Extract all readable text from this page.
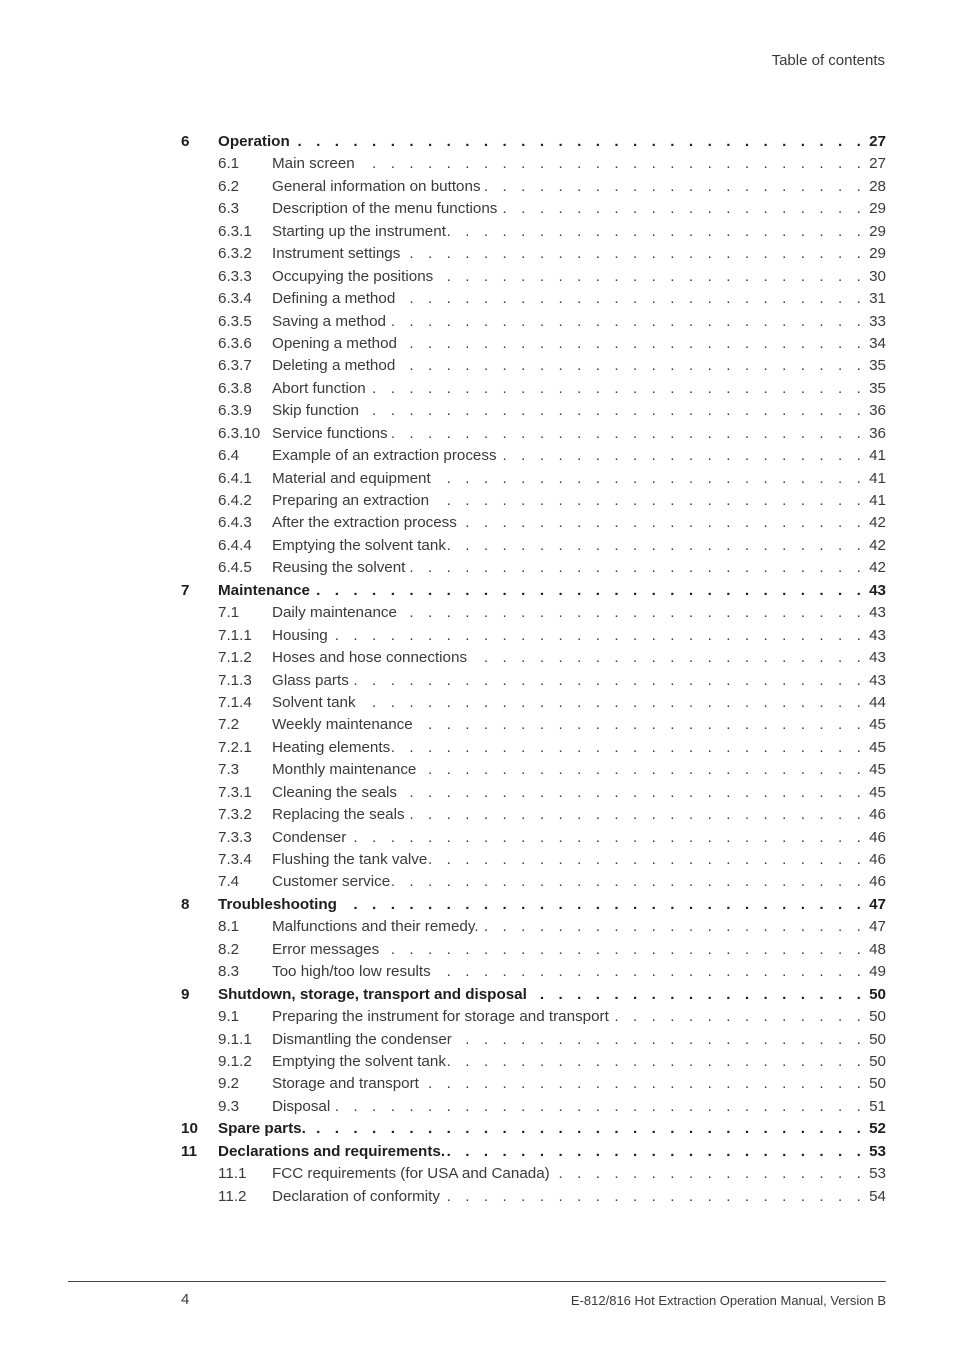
Table of contents
6 Operation . . .	27
6.1 Main screen . . .	27
6.2 General information on buttons . . .	28
6.3 Description of the menu functions . . .	29
6.3.1 Starting up the instrument . . .	29
6.3.2 Instrument settings . . .	29
6.3.3 Occupying the positions . . .	30
6.3.4 Defining a method . . .	31
6.3.5 Saving a method . . .	33
6.3.6 Opening a method . . .	34
6.3.7 Deleting a method . . .	35
6.3.8 Abort function . . .	35
6.3.9 Skip function . . .	36
6.3.10 Service functions . . .	36
6.4 Example of an extraction process . . .	41
6.4.1 Material and equipment . . .	41
6.4.2 Preparing an extraction . . .	41
6.4.3 After the extraction process . . .	42
6.4.4 Emptying the solvent tank . . .	42
6.4.5 Reusing the solvent . . .	42
7 Maintenance . . .	43
7.1 Daily maintenance . . .	43
7.1.1 Housing . . .	43
7.1.2 Hoses and hose connections . . .	43
7.1.3 Glass parts . . .	43
7.1.4 Solvent tank . . .	44
7.2 Weekly maintenance . . .	45
7.2.1 Heating elements . . .	45
7.3 Monthly maintenance . . .	45
7.3.1 Cleaning the seals . . .	45
7.3.2 Replacing the seals . . .	46
7.3.3 Condenser . . .	46
7.3.4 Flushing the tank valve . . .	46
7.4 Customer service . . .	46
8 Troubleshooting . . .	47
8.1 Malfunctions and their remedy. . . .	47
8.2 Error messages . . .	48
8.3 Too high/too low results . . .	49
9 Shutdown, storage, transport and disposal . . .	50
9.1 Preparing the instrument for storage and transport . . .	50
9.1.1 Dismantling the condenser . . .	50
9.1.2 Emptying the solvent tank . . .	50
9.2 Storage and transport . . .	50
9.3 Disposal . . .	51
10 Spare parts. . . .	52
11 Declarations and requirements. . . .	53
11.1 FCC requirements (for USA and Canada) . . .	53
11.2 Declaration of conformity . . .	54
4	E-812/816 Hot Extraction Operation Manual, Version B
